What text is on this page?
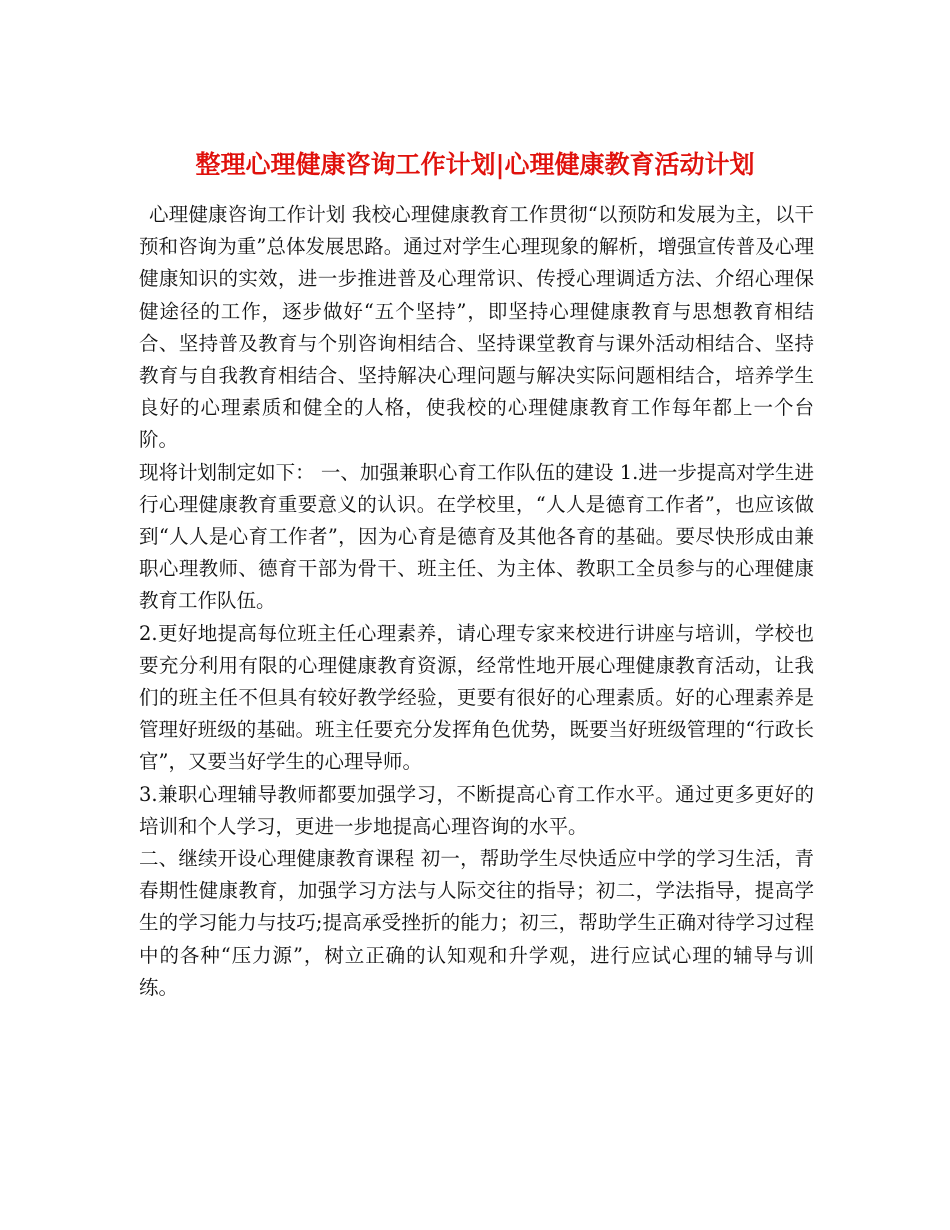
整理心理健康咨询工作计划|心理健康教育活动计划

心理健康咨询工作计划 我校心理健康教育工作贯彻“以预防和发展为主，以干预和咨询为重”总体发展思路。通过对学生心理现象的解析，增强宣传普及心理健康知识的实效，进一步推进普及心理常识、传授心理调适方法、介绍心理保健途径的工作，逐步做好“五个坚持”，即坚持心理健康教育与思想教育相结合、坚持普及教育与个别咨询相结合、坚持课堂教育与课外活动相结合、坚持教育与自我教育相结合、坚持解决心理问题与解决实际问题相结合，培养学生良好的心理素质和健全的人格，使我校的心理健康教育工作每年都上一个台阶。

现将计划制定如下： 一、加强兼职心育工作队伍的建设 1.进一步提高对学生进行心理健康教育重要意义的认识。在学校里，“人人是德育工作者”，也应该做到“人人是心育工作者”，因为心育是德育及其他各育的基础。要尽快形成由兼职心理教师、德育干部为骨干、班主任、为主体、教职工全员参与的心理健康教育工作队伍。

2.更好地提高每位班主任心理素养，请心理专家来校进行讲座与培训，学校也要充分利用有限的心理健康教育资源，经常性地开展心理健康教育活动，让我们的班主任不但具有较好教学经验，更要有很好的心理素质。好的心理素养是管理好班级的基础。班主任要充分发挥角色优势，既要当好班级管理的“行政长官”，又要当好学生的心理导师。

3.兼职心理辅导教师都要加强学习，不断提高心育工作水平。通过更多更好的培训和个人学习，更进一步地提高心理咨询的水平。

二、继续开设心理健康教育课程 初一，帮助学生尽快适应中学的学习生活，青春期性健康教育，加强学习方法与人际交往的指导；初二，学法指导，提高学生的学习能力与技巧;提高承受挫折的能力；初三，帮助学生正确对待学习过程中的各种“压力源”，树立正确的认知观和升学观，进行应试心理的辅导与训练。
